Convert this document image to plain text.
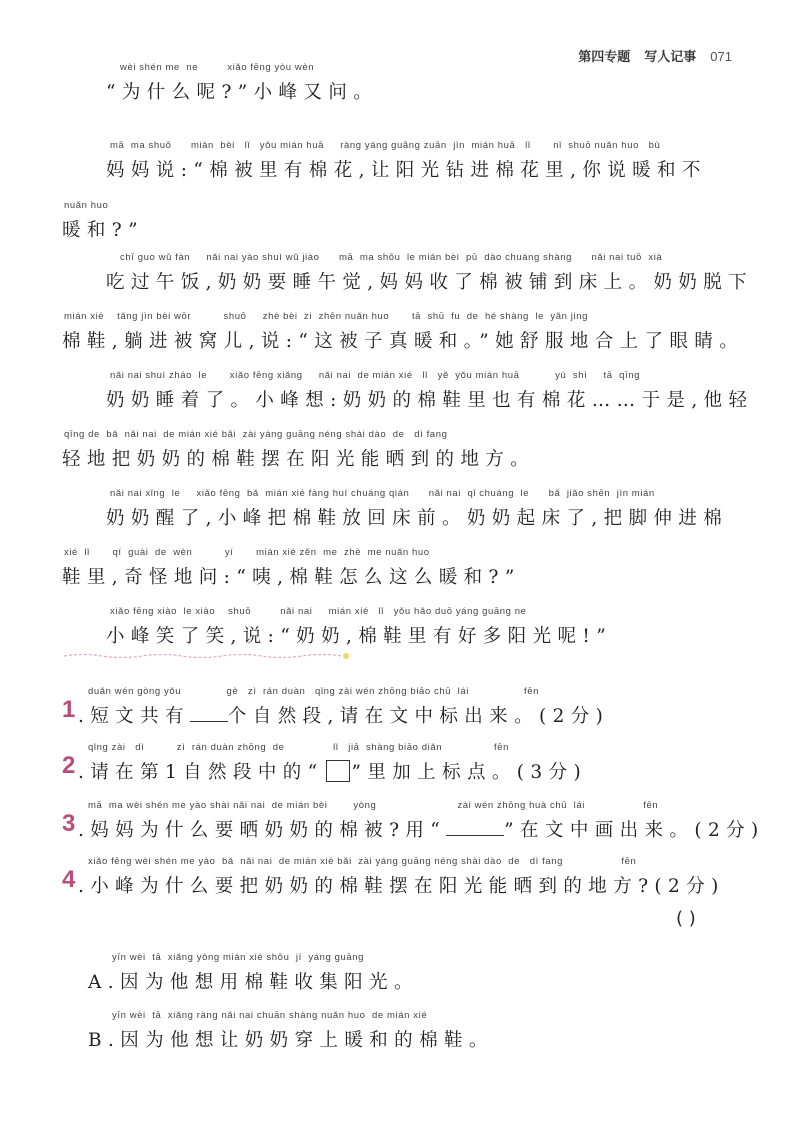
第四专题 写人记事 071
wèi shén me  ne         xiǎo fēng yòu wèn
“为什么呢?”小峰又问。
mā  ma shuō      mián  bèi   lǐ   yǒu mián huā     ràng yáng guāng zuān  jìn  mián huā   lǐ       nǐ  shuō nuǎn huo   bù
妈妈说:“棉被里有棉花,让阳光钻进棉花里,你说暖和不
nuǎn huo
暖和?”
chī guo wǔ fàn     nǎi nai yào shuì wǔ jiào      mā  ma shōu  le mián bèi  pū  dào chuáng shàng      nǎi nai tuō  xià
吃过午饭,奶奶要睡午觉,妈妈收了棉被铺到床上。奶奶脱下
mián xié    tǎng jìn bèi wōr          shuō     zhè bèi  zi  zhēn nuǎn huo       tā  shū  fu  de  hé shàng  le  yǎn jing
棉鞋,躺进被窝儿,说:“这被子真暖和。”她舒服地合上了眼睛。
nǎi nai shuì zháo  le       xiǎo fēng xiǎng     nǎi nai  de mián xié   lǐ   yě  yǒu mián huā           yú  shì     tā  qīng
奶奶睡着了。小峰想:奶奶的棉鞋里也有棉花……于是,他轻
qīng de  bǎ  nǎi nai  de mián xié bǎi  zài yáng guāng néng shài dào  de   dì fang
轻地把奶奶的棉鞋摆在阳光能晒到的地方。
nǎi nai xǐng  le     xiǎo fēng  bǎ  mián xié fàng huí chuáng qián      nǎi nai  qǐ chuáng  le      bǎ  jiǎo shēn  jìn mián
奶奶醒了,小峰把棉鞋放回床前。奶奶起床了,把脚伸进棉
xié  lǐ       qí  guài  de  wèn          yí       mián xié zěn  me  zhè  me nuǎn huo
鞋里,奇怪地问:“咦,棉鞋怎么这么暖和?”
xiǎo fēng xiào  le xiào    shuō         nǎi nai     mián xié   lǐ   yǒu hǎo duō yáng guāng ne
小峰笑了笑,说:“奶奶,棉鞋里有好多阳光呢!”
duǎn wén gòng yǒu              gè   zì  rán duàn   qǐng zài wén zhōng biāo chū  lái                 fēn
1 .短文共有 个自然段,请在文中标出来。(2分)
qǐng zài   dì          zì  rán duàn zhōng  de               lǐ   jiā  shàng biāo diǎn                fēn
2 .请在第1自然段中的“ ”里加上标点。(3分)
mā  ma wèi shén me yào shài nǎi nai  de mián bèi        yòng                         zài wén zhōng huà chū  lái                  fēn
3 .妈妈为什么要晒奶奶的棉被?用“	”在文中画出来。(2分)
xiǎo fēng wèi shén me yào  bǎ  nǎi nai  de mián xié bǎi  zài yáng guāng néng shài dào  de   dì fang                  fēn
4 .小峰为什么要把奶奶的棉鞋摆在阳光能晒到的地方?(2分)
( )
yīn wèi  tā  xiǎng yòng mián xié shōu  jí  yáng guāng
A.因为他想用棉鞋收集阳光。
yīn wèi  tā  xiǎng ràng nǎi nai chuān shàng nuǎn huo  de mián xié
B.因为他想让奶奶穿上暖和的棉鞋。
